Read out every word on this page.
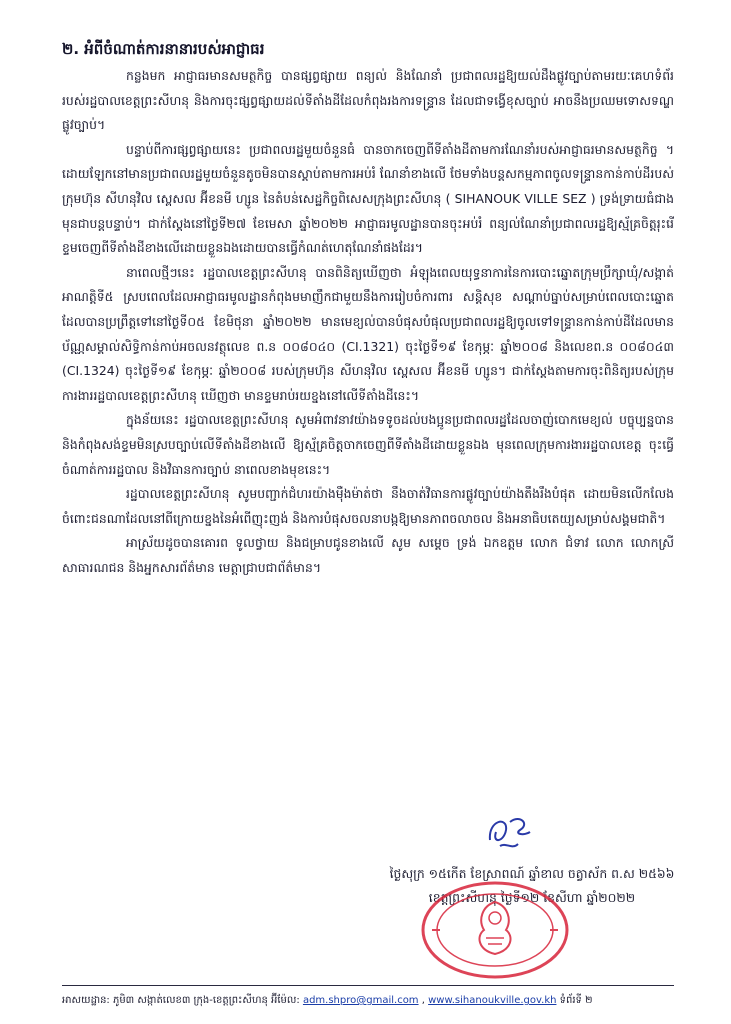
២. អំពីចំណាត់ការនានារបស់អាជ្ញាធរ

កន្លងមក អាជ្ញាធរមានសមត្ថកិច្ច បានផ្សព្វផ្សាយ ពន្យល់ និងណែនាំ ប្រជាពលរដ្ឋឱ្យយល់ដឹងផ្លូវច្បាប់តាមរយៈគេហទំព័ររបស់រដ្ឋបាលខេត្តព្រះសីហនុ និងការចុះផ្សព្វផ្សាយដល់ទីតាំងដីដែលកំពុងរងការទន្ទ្រាន ដែលជាទង្វើខុសច្បាប់ អាចនឹងប្រឈមទោសទណ្ឌផ្លូវច្បាប់។

បន្ទាប់ពីការផ្សព្វផ្សាយនេះ ប្រជាពលរដ្ឋមួយចំនួនធំ បានចាកចេញពីទីតាំងដីតាមការណែនាំរបស់អាជ្ញាធរមានសមត្ថកិច្ច ។ ដោយឡែកនៅមានប្រជាពលរដ្ឋមួយចំនួនតូចមិនបានស្តាប់តាមការអប់រំ ណែនាំខាងលើ ថែមទាំងបន្តសកម្មភាពចូលទន្ទ្រានកាន់កាប់ដីរបស់ក្រុមហ៊ុន សីហនុវិល ស្ពេសល អ៊ីខនមី ហ្សូន នៃតំបន់សេដ្ឋកិច្ចពិសេសក្រុងព្រះសីហនុ ( SIHANOUK VILLE SEZ ) ទ្រង់ទ្រាយធំជាងមុនជាបន្តបន្ទាប់។ ជាក់ស្តែងនៅថ្ងៃទី២៧ ខែមេសា ឆ្នាំ២០២២ អាជ្ញាធរមូលដ្ឋានបានចុះអប់រំ ពន្យល់ណែនាំប្រជាពលរដ្ឋឱ្យស្ម័គ្រចិត្តរុះរើខ្ទមចេញពីទីតាំងដីខាងលើដោយខ្លួនឯងដោយបានធ្វើកំណត់ហេតុណែនាំផងដែរ។

នាពេលថ្មីៗនេះ រដ្ឋបាលខេត្តព្រះសីហនុ បានពិនិត្យឃើញថា អំឡុងពេលយុទ្ធនាការនៃការបោះឆ្នោតក្រុមប្រឹក្សាឃុំ/សង្កាត់អាណត្តិទី៥ ស្របពេលដែលអាជ្ញាធរមូលដ្ឋានកំពុងមមាញឹកជាមួយនឹងការរៀបចំការពារ សន្តិសុខ សណ្តាប់ធ្នាប់សម្រាប់ពេលបោះឆ្នោតដែលបានប្រព្រឹត្តទៅនៅថ្ងៃទី០៥ ខែមិថុនា ឆ្នាំ២០២២ មានមេខ្យល់បានបំផុសបំផុលប្រជាពលរដ្ឋឱ្យចូលទៅទន្ទ្រានកាន់កាប់ដីដែលមានប័ណ្ណសម្គាល់សិទ្ធិកាន់កាប់អចលនវត្ថុលេខ ព.ន ០០៨០៤០ (CI.1321) ចុះថ្ងៃទី១៩ ខែកុម្ភៈ ឆ្នាំ២០០៨ និងលេខព.ន ០០៨០៤៣ (CI.1324) ចុះថ្ងៃទី១៩ ខែកុម្ភៈ ឆ្នាំ២០០៨ របស់ក្រុមហ៊ុន សីហនុវិល ស្ពេសល អ៊ីខនមី ហ្សូន។ ជាក់ស្តែងតាមការចុះពិនិត្យរបស់ក្រុមការងាររដ្ឋបាលខេត្តព្រះសីហនុ ឃើញថា មានខ្ទមរាប់រយខ្នងនៅលើទីតាំងដីនេះ។

ក្នុងន័យនេះ រដ្ឋបាលខេត្តព្រះសីហនុ សូមអំពាវនាវយ៉ាងទទូចដល់បងប្អូនប្រជាពលរដ្ឋដែលចាញ់បោកមេខ្យល់ បច្ចុប្បន្នបាននិងកំពុងសង់ខ្ទមមិនស្របច្បាប់លើទីតាំងដីខាងលើ ឱ្យស្ម័គ្រចិត្តចាកចេញពីទីតាំងដីដោយខ្លួនឯង មុនពេលក្រុមការងាររដ្ឋបាលខេត្ត ចុះធ្វើចំណាត់ការរដ្ឋបាល និងវិធានការច្បាប់ នាពេលខាងមុខនេះ។

រដ្ឋបាលខេត្តព្រះសីហនុ សូមបញ្ជាក់ជំហរយ៉ាងម៉ឺងម៉ាត់ថា នឹងចាត់វិធានការផ្លូវច្បាប់យ៉ាងតឹងរឹងបំផុត ដោយមិនលើកលែងចំពោះជនណាដែលនៅពីក្រោយខ្នងនៃអំពើញុះញង់ និងការបំផុសចលនាបង្កឱ្យមានភាពចលាចល និងអនាធិបតេយ្យសម្រាប់សង្គមជាតិ។

អាស្រ័យដូចបានគោរព ទូលថ្វាយ និងជម្រាបជូនខាងលើ សូម សម្តេច ទ្រង់ ឯកឧត្តម លោក ជំទាវ លោក លោកស្រី សាធារណជន និងអ្នកសារព័ត៌មាន មេត្តាជ្រាបជាព័ត៌មាន។

ថ្ងៃសុក្រ ១៥កើត ខែស្រាពណ៍ ឆ្នាំខាល ចត្វាស័ក ព.ស ២៥៦៦
ខេត្តព្រះសីហនុ ថ្ងៃទី១២ ខែសីហា ឆ្នាំ២០២២
អាសយដ្ឋាន: ភូមិ៣ សង្កាត់លេខ៣ ក្រុង-ខេត្តព្រះសីហនុ អ៊ីម៉ែល: adm.shpro@gmail.com , www.sihanoukville.gov.kh ទំព័រទី ២
